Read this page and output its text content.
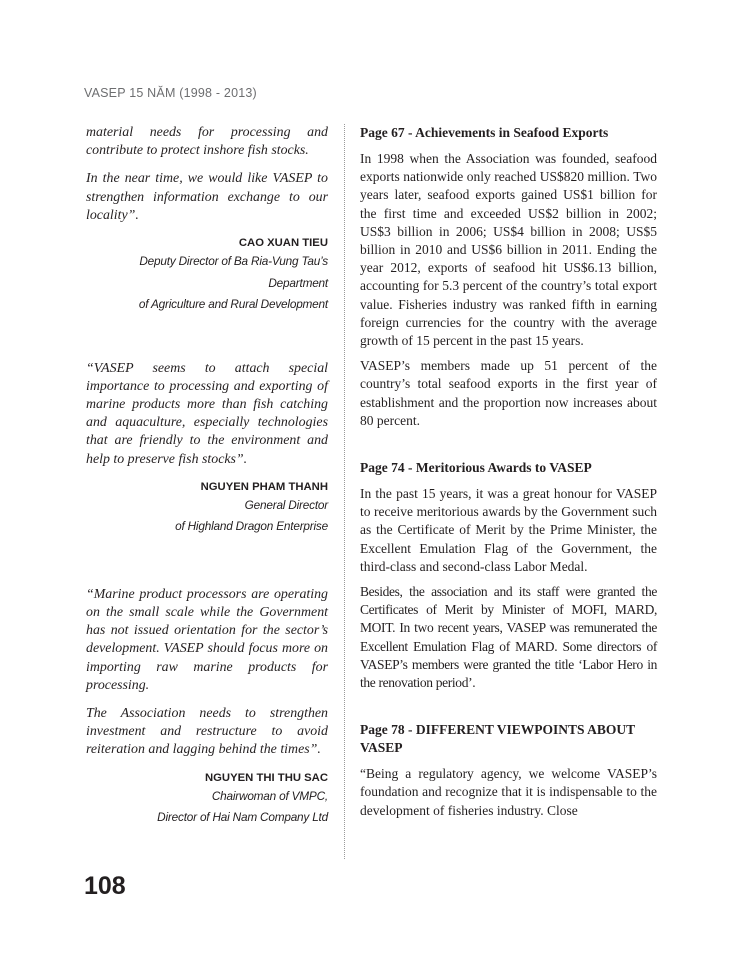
VASEP 15 NĂM (1998 - 2013)

material needs for processing and contribute to protect inshore fish stocks.

In the near time, we would like VASEP to strengthen information exchange to our locality”.

CAO XUAN TIEU
Deputy Director of Ba Ria-Vung Tau’s Department
of Agriculture and Rural Development

“VASEP seems to attach special importance to processing and exporting of marine products more than fish catching and aquaculture, especially technologies that are friendly to the environment and help to preserve fish stocks”.

NGUYEN PHAM THANH
General Director
of Highland Dragon Enterprise

“Marine product processors are operating on the small scale while the Government has not issued orientation for the sector’s development. VASEP should focus more on importing raw marine products for processing.

The Association needs to strengthen investment and restructure to avoid reiteration and lagging behind the times”.

NGUYEN THI THU SAC
Chairwoman of VMPC,
Director of Hai Nam Company Ltd
Page 67 - Achievements in Seafood Exports

In 1998 when the Association was founded, seafood exports nationwide only reached US$820 million. Two years later, seafood exports gained US$1 billion for the first time and exceeded US$2 billion in 2002; US$3 billion in 2006; US$4 billion in 2008; US$5 billion in 2010 and US$6 billion in 2011. Ending the year 2012, exports of seafood hit US$6.13 billion, accounting for 5.3 percent of the country’s total export value. Fisheries industry was ranked fifth in earning foreign currencies for the country with the average growth of 15 percent in the past 15 years.

VASEP’s members made up 51 percent of the country’s total seafood exports in the first year of establishment and the proportion now increases about 80 percent.

Page 74 - Meritorious Awards to VASEP

In the past 15 years, it was a great honour for VASEP to receive meritorious awards by the Government such as the Certificate of Merit by the Prime Minister, the Excellent Emulation Flag of the Government, the third-class and second-class Labor Medal.

Besides, the association and its staff were granted the Certificates of Merit by Minister of MOFI, MARD, MOIT. In two recent years, VASEP was remunerated the Excellent Emulation Flag of MARD. Some directors of VASEP’s members were granted the title ‘Labor Hero in the renovation period’.

Page 78 - DIFFERENT VIEWPOINTS ABOUT VASEP

“Being a regulatory agency, we welcome VASEP’s foundation and recognize that it is indispensable to the development of fisheries industry. Close

108
